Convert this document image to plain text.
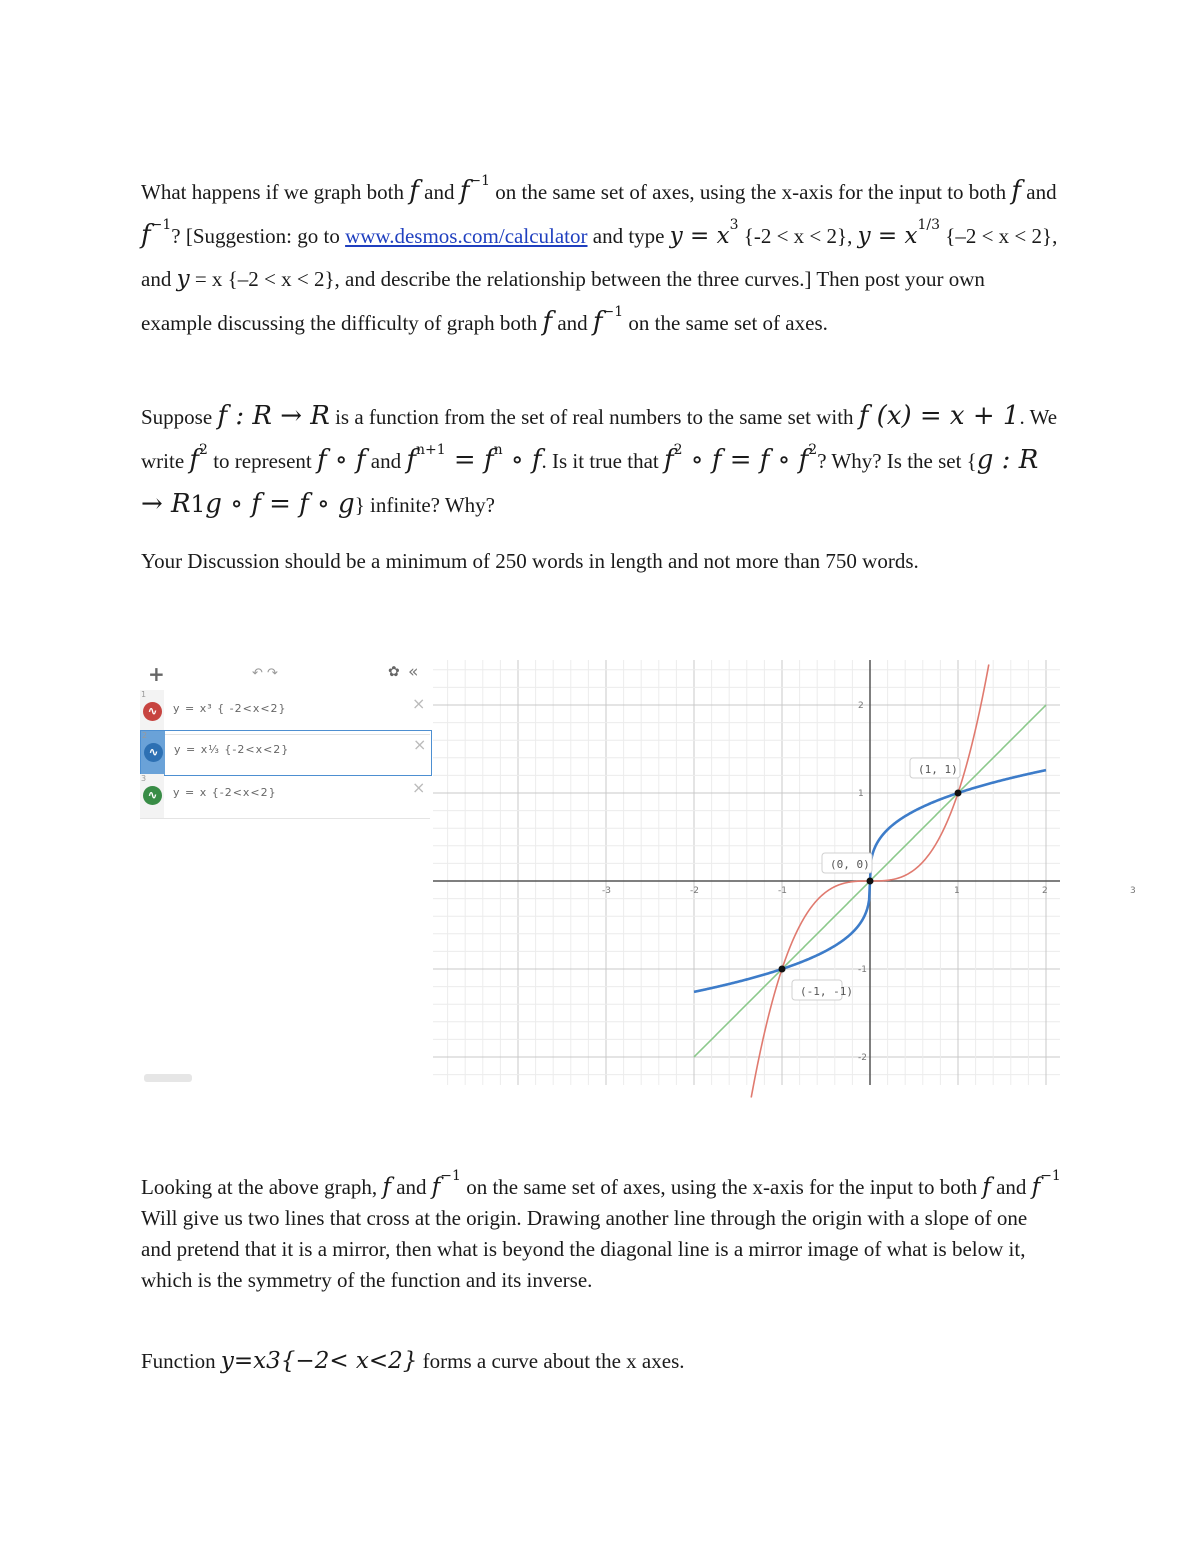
What happens if we graph both f and $f^{-1}$ on the same set of axes, using the x-axis for the input to both f and $f^{-1}$? [Suggestion: go to www.desmos.com/calculator and type $y = x^3$ {-2 < x < 2}, $y = x^{1/3}$ {–2 < x < 2}, and y = x {–2 < x < 2}, and describe the relationship between the three curves.] Then post your own example discussing the difficulty of graph both f and $f^{-1}$ on the same set of axes.
Suppose f : R → R is a function from the set of real numbers to the same set with f (x) = x + 1. We write $f^2$ to represent f ∘ f and $f^{n+1} = f^n$ ∘ f. Is it true that $f^2$ ∘ f = f ∘ $f^2$? Why? Is the set {g : R → R1g ∘ f = f ∘ g} infinite? Why?
Your Discussion should be a minimum of 250 words in length and not more than 750 words.
+	↶ ↷	✿ «
1
∿	y = x³ { -2<x<2}	×
2
∿	y = x⅓ {-2<x<2}	×
3
∿	y = x {-2<x<2}	×
-3	-2	-1	1	2	3
2
1
-1
-2
(1, 1)
(0, 0)
(-1, -1)
Looking at the above graph, f and $f^{-1}$ on the same set of axes, using the x-axis for the input to both f and $f^{-1}$ Will give us two lines that cross at the origin. Drawing another line through the origin with a slope of one and pretend that it is a mirror, then what is beyond the diagonal line is a mirror image of what is below it, which is the symmetry of the function and its inverse.
Function y=x3{−2< x<2} forms a curve about the x axes.
